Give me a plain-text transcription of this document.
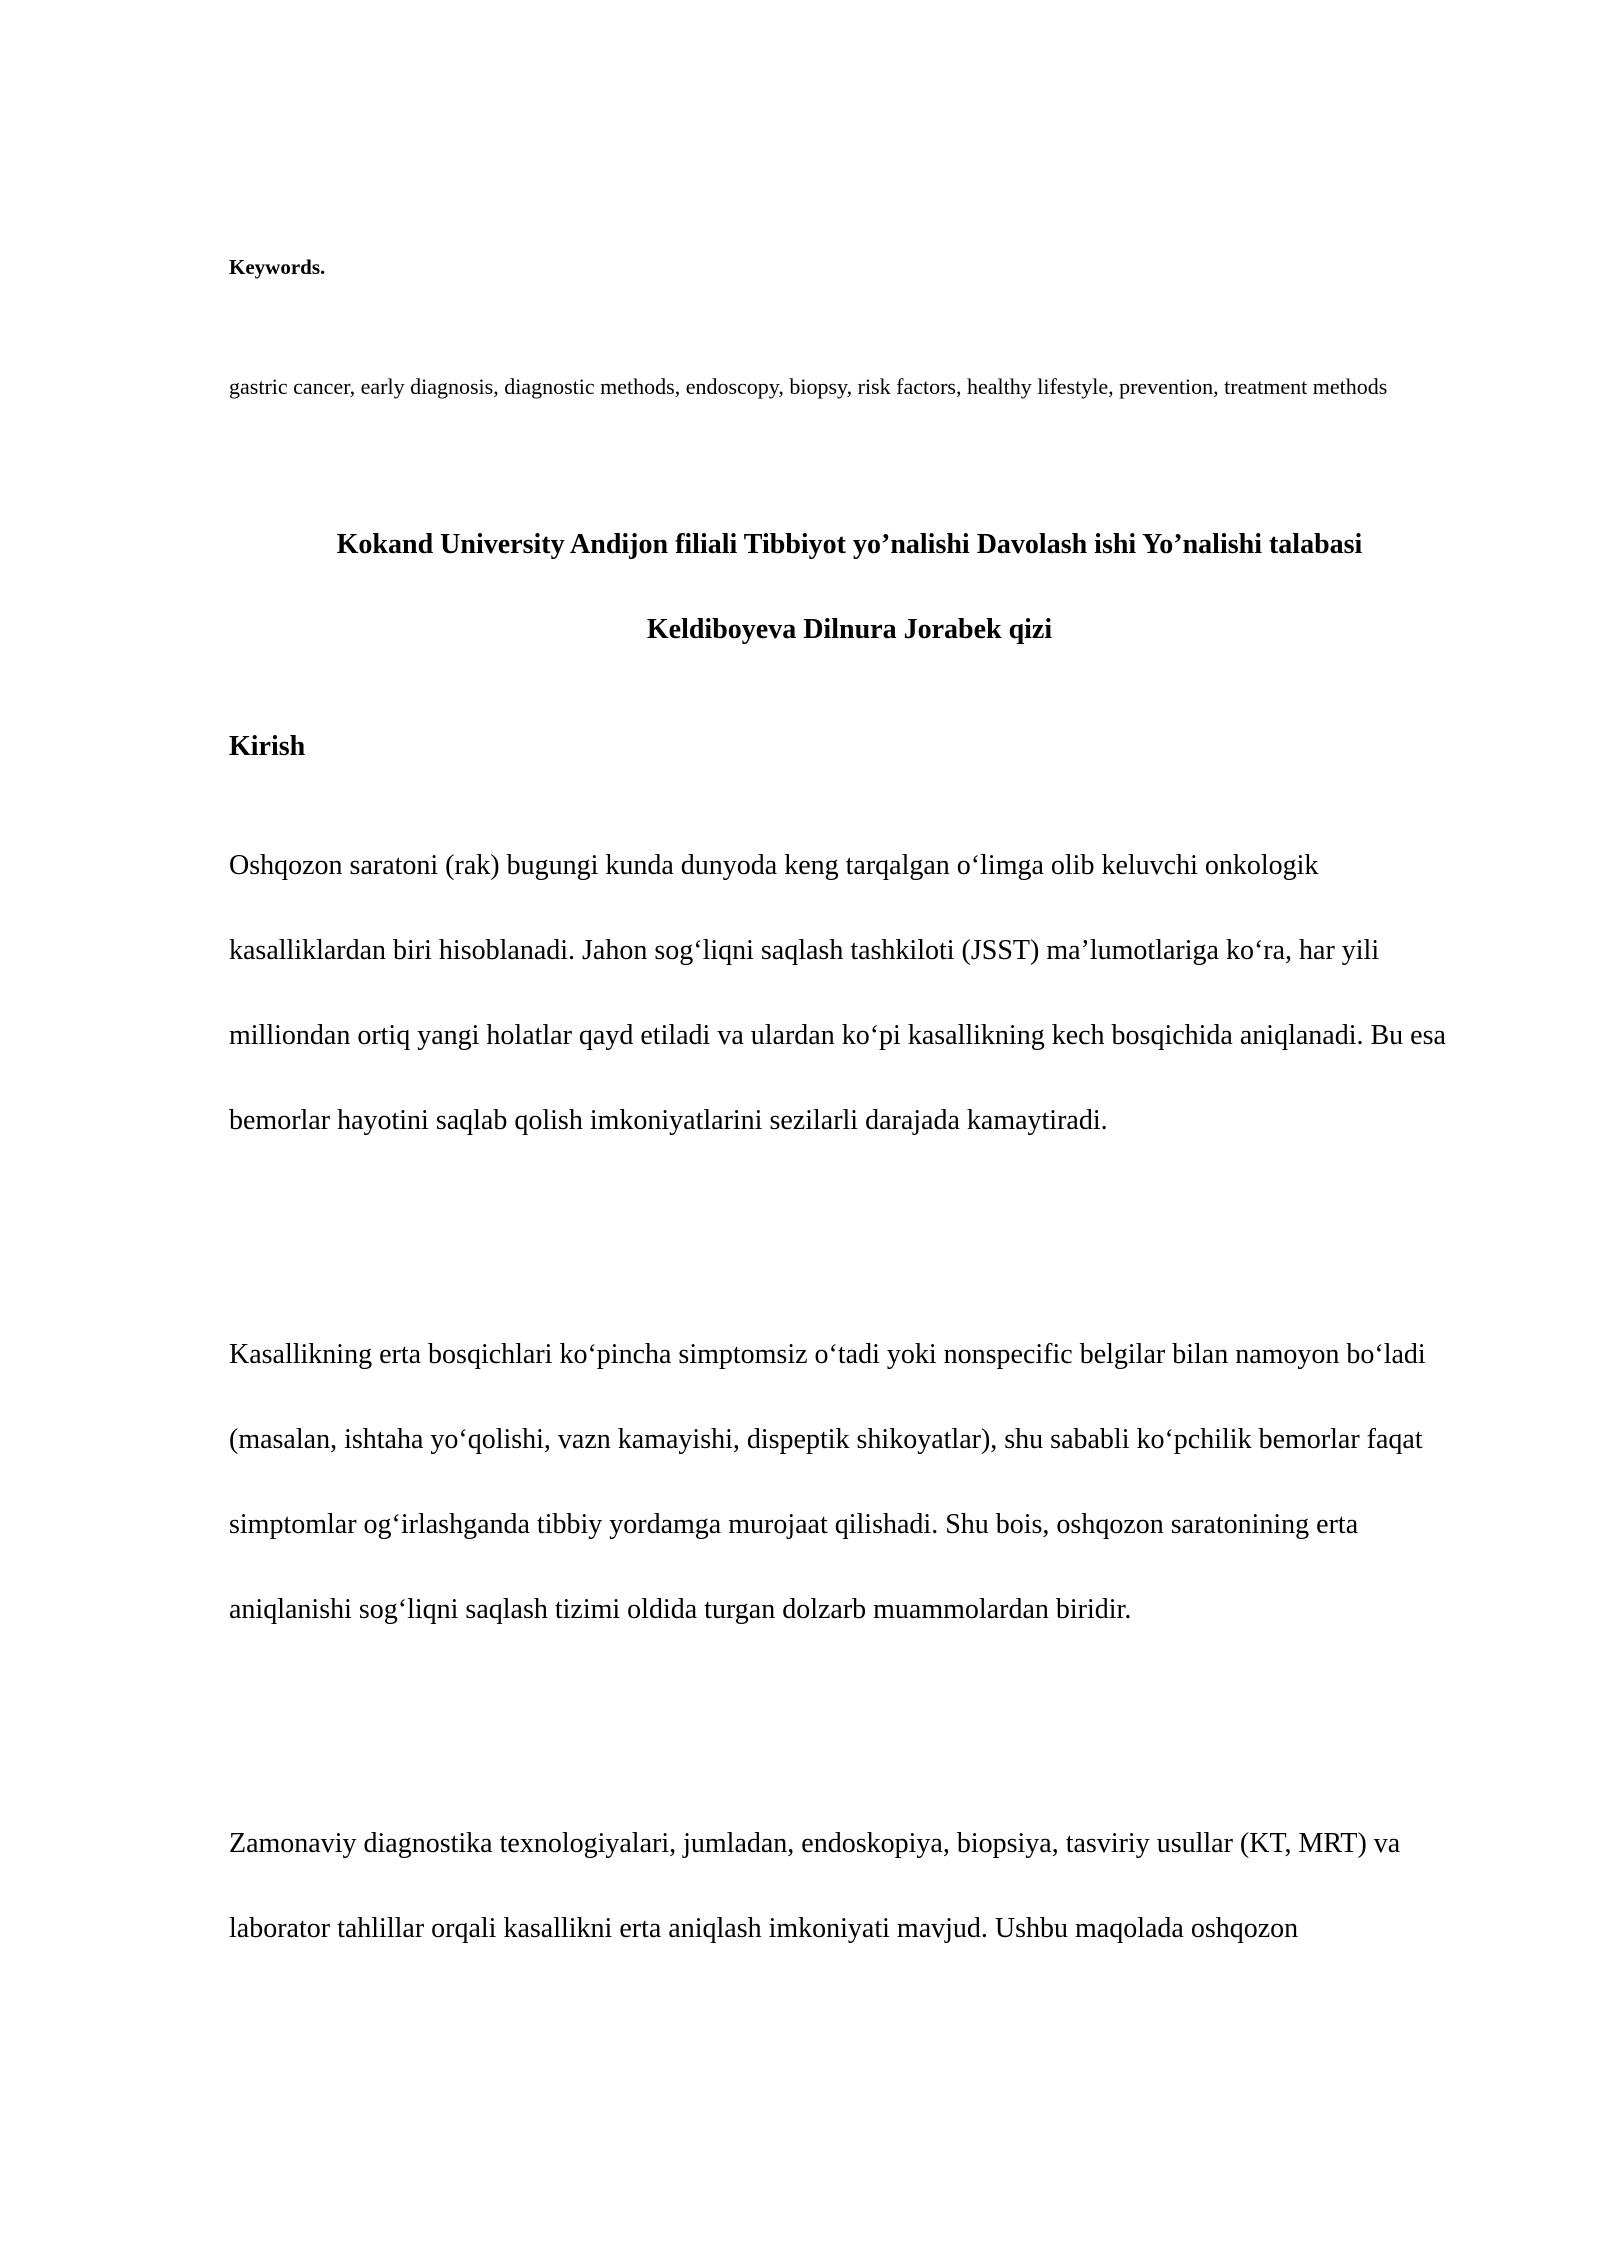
Keywords.

gastric cancer, early diagnosis, diagnostic methods, endoscopy, biopsy, risk factors, healthy lifestyle, prevention, treatment methods

Kokand University Andijon filiali Tibbiyot yo’nalishi Davolash ishi Yo’nalishi talabasi

Keldiboyeva Dilnura Jorabek qizi

Kirish

Oshqozon saratoni (rak) bugungi kunda dunyoda keng tarqalgan o‘limga olib keluvchi onkologik kasalliklardan biri hisoblanadi. Jahon sog‘liqni saqlash tashkiloti (JSST) ma’lumotlariga ko‘ra, har yili milliondan ortiq yangi holatlar qayd etiladi va ulardan ko‘pi kasallikning kech bosqichida aniqlanadi. Bu esa bemorlar hayotini saqlab qolish imkoniyatlarini sezilarli darajada kamaytiradi.

Kasallikning erta bosqichlari ko‘pincha simptomsiz o‘tadi yoki nonspecific belgilar bilan namoyon bo‘ladi (masalan, ishtaha yo‘qolishi, vazn kamayishi, dispeptik shikoyatlar), shu sababli ko‘pchilik bemorlar faqat simptomlar og‘irlashganda tibbiy yordamga murojaat qilishadi. Shu bois, oshqozon saratonining erta aniqlanishi sog‘liqni saqlash tizimi oldida turgan dolzarb muammolardan biridir.

Zamonaviy diagnostika texnologiyalari, jumladan, endoskopiya, biopsiya, tasviriy usullar (KT, MRT) va laborator tahlillar orqali kasallikni erta aniqlash imkoniyati mavjud. Ushbu maqolada oshqozon
